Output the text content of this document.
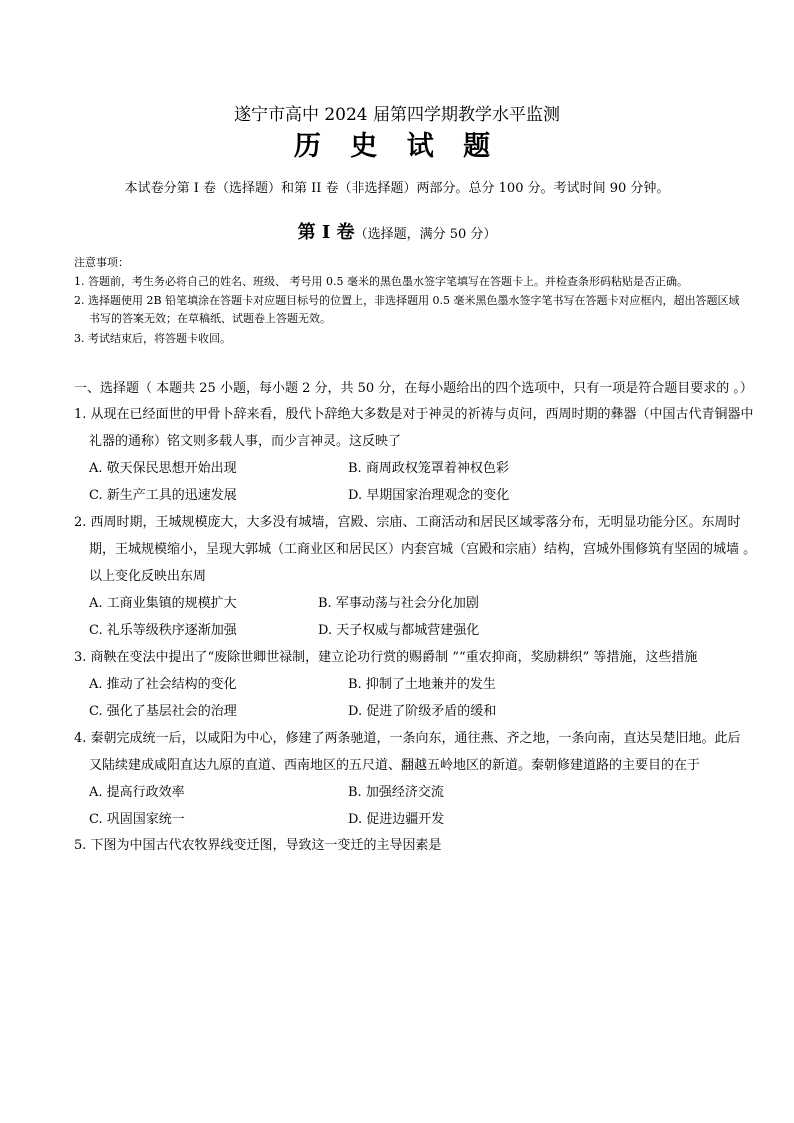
遂宁市高中 2024 届第四学期教学水平监测
历 史 试 题
本试卷分第 I 卷（选择题）和第 II 卷（非选择题）两部分。总分 100 分。考试时间 90 分钟。
第 Ⅰ 卷（选择题，满分 50 分）
注意事项：
1. 答题前，考生务必将自己的姓名、班级、 考号用 0.5 毫米的黑色墨水签字笔填写在答题卡上。并检查条形码粘贴是否正确。
2. 选择题使用 2B 铅笔填涂在答题卡对应题目标号的位置上，非选择题用 0.5 毫米黑色墨水签字笔书写在答题卡对应框内，超出答题区域
书写的答案无效；在草稿纸、试题卷上答题无效。
3. 考试结束后，将答题卡收回。
一、选择题（ 本题共 25 小题，每小题 2 分，共 50 分，在每小题给出的四个选项中，只有一项是符合题目要求的 。）
1. 从现在已经面世的甲骨卜辞来看，殷代卜辞绝大多数是对于神灵的祈祷与贞问，西周时期的彝器（中国古代青铜器中
礼器的通称）铭文则多载人事，而少言神灵。这反映了
A. 敬天保民思想开始出现	B. 商周政权笼罩着神权色彩
C. 新生产工具的迅速发展	D. 早期国家治理观念的变化
2. 西周时期，王城规模庞大，大多没有城墙，宫殿、宗庙、工商活动和居民区域零落分布，无明显功能分区。东周时
期，王城规模缩小，呈现大郭城（工商业区和居民区）内套宫城（宫殿和宗庙）结构，宫城外围修筑有坚固的城墙 。
以上变化反映出东周
A. 工商业集镇的规模扩大	B. 军事动荡与社会分化加剧
C. 礼乐等级秩序逐渐加强	D. 天子权威与都城营建强化
3. 商鞅在变法中提出了“废除世卿世禄制，建立论功行赏的赐爵制 ”“重农抑商，奖励耕织” 等措施，这些措施
A. 推动了社会结构的变化	B. 抑制了土地兼并的发生
C. 强化了基层社会的治理	D. 促进了阶级矛盾的缓和
4. 秦朝完成统一后，以咸阳为中心，修建了两条驰道，一条向东，通往燕、齐之地，一条向南，直达吴楚旧地。此后
又陆续建成咸阳直达九原的直道、西南地区的五尺道、翻越五岭地区的新道。秦朝修建道路的主要目的在于
A. 提高行政效率	B. 加强经济交流
C. 巩固国家统一	D. 促进边疆开发
5. 下图为中国古代农牧界线变迁图，导致这一变迁的主导因素是
